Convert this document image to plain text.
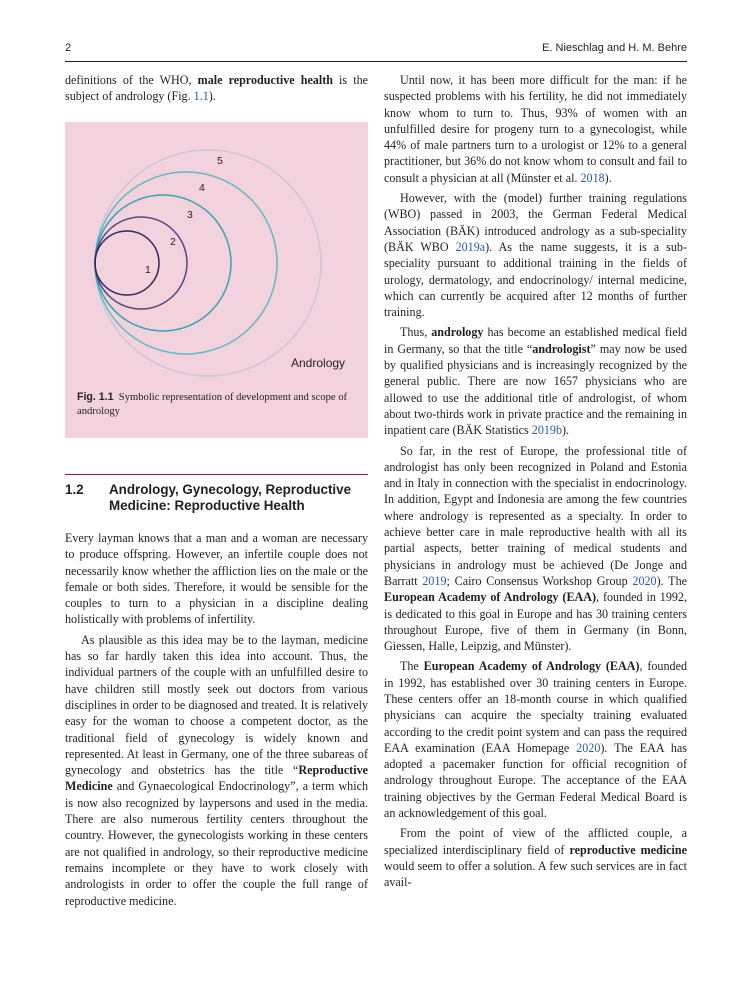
2	E. Nieschlag and H. M. Behre

definitions of the WHO, male reproductive health is the subject of andrology (Fig. 1.1).

1
2
3
4
5
Andrology
Fig. 1.1 Symbolic representation of development and scope of andrology
1.2 Andrology, Gynecology, Reproductive Medicine: Reproductive Health

Every layman knows that a man and a woman are necessary to produce offspring. However, an infertile couple does not necessarily know whether the affliction lies on the male or the female or both sides. Therefore, it would be sensible for the couples to turn to a physician in a discipline dealing holistically with problems of infertility.

As plausible as this idea may be to the layman, medicine has so far hardly taken this idea into account. Thus, the individual partners of the couple with an unfulfilled desire to have children still mostly seek out doctors from various disciplines in order to be diagnosed and treated. It is relatively easy for the woman to choose a competent doctor, as the traditional field of gynecology is widely known and represented. At least in Germany, one of the three subareas of gynecology and obstetrics has the title “Reproductive Medicine and Gynaecological Endocrinology”, a term which is now also recognized by laypersons and used in the media. There are also numerous fertility centers throughout the country. However, the gynecologists working in these centers are not qualified in andrology, so their reproductive medicine remains incomplete or they have to work closely with andrologists in order to offer the couple the full range of reproductive medicine.

Until now, it has been more difficult for the man: if he suspected problems with his fertility, he did not immediately know whom to turn to. Thus, 93% of women with an unfulfilled desire for progeny turn to a gynecologist, while 44% of male partners turn to a urologist or 12% to a general practitioner, but 36% do not know whom to consult and fail to consult a physician at all (Münster et al. 2018).

However, with the (model) further training regulations (WBO) passed in 2003, the German Federal Medical Association (BÄK) introduced andrology as a sub-speciality (BÄK WBO 2019a). As the name suggests, it is a sub-speciality pursuant to additional training in the fields of urology, dermatology, and endocrinology/ internal medicine, which can currently be acquired after 12 months of further training.

Thus, andrology has become an established medical field in Germany, so that the title “andrologist” may now be used by qualified physicians and is increasingly recognized by the general public. There are now 1657 physicians who are allowed to use the additional title of andrologist, of whom about two-thirds work in private practice and the remaining in inpatient care (BÄK Statistics 2019b).

So far, in the rest of Europe, the professional title of andrologist has only been recognized in Poland and Estonia and in Italy in connection with the specialist in endocrinology. In addition, Egypt and Indonesia are among the few countries where andrology is represented as a specialty. In order to achieve better care in male reproductive health with all its partial aspects, better training of medical students and physicians in andrology must be achieved (De Jonge and Barratt 2019; Cairo Consensus Workshop Group 2020). The European Academy of Andrology (EAA), founded in 1992, is dedicated to this goal in Europe and has 30 training centers throughout Europe, five of them in Germany (in Bonn, Giessen, Halle, Leipzig, and Münster).

The European Academy of Andrology (EAA), founded in 1992, has established over 30 training centers in Europe. These centers offer an 18-month course in which qualified physicians can acquire the specialty training evaluated according to the credit point system and can pass the required EAA examination (EAA Homepage 2020). The EAA has adopted a pacemaker function for official recognition of andrology throughout Europe. The acceptance of the EAA training objectives by the German Federal Medical Board is an acknowledgement of this goal.

From the point of view of the afflicted couple, a specialized interdisciplinary field of reproductive medicine would seem to offer a solution. A few such services are in fact avail-
